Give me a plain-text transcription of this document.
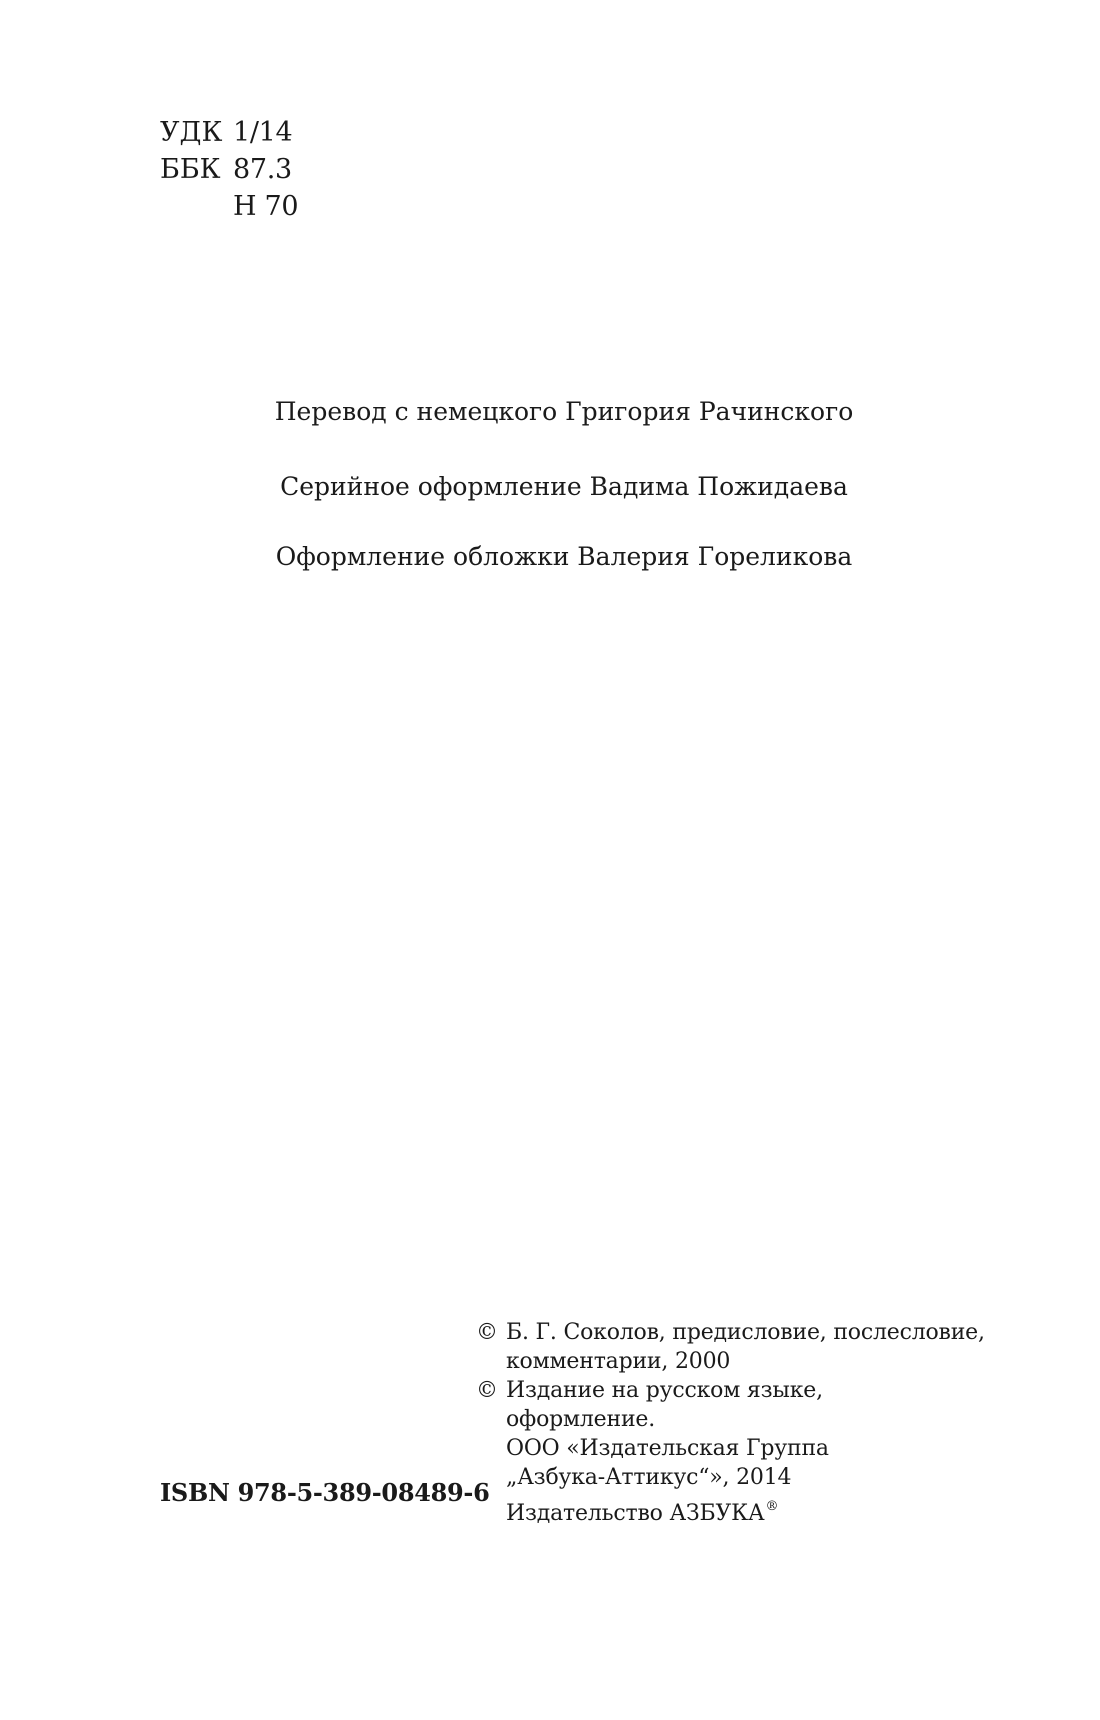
УДК 1/14
ББК 87.3
Н 70
Перевод с немецкого Григория Рачинского
Серийное оформление Вадима Пожидаева
Оформление обложки Валерия Гореликова
© Б. Г. Соколов, предисловие, послесловие,
комментарии, 2000
© Издание на русском языке,
оформление.
ООО «Издательская Группа
„Азбука-Аттикус“», 2014
Издательство АЗБУКА®
ISBN 978-5-389-08489-6
